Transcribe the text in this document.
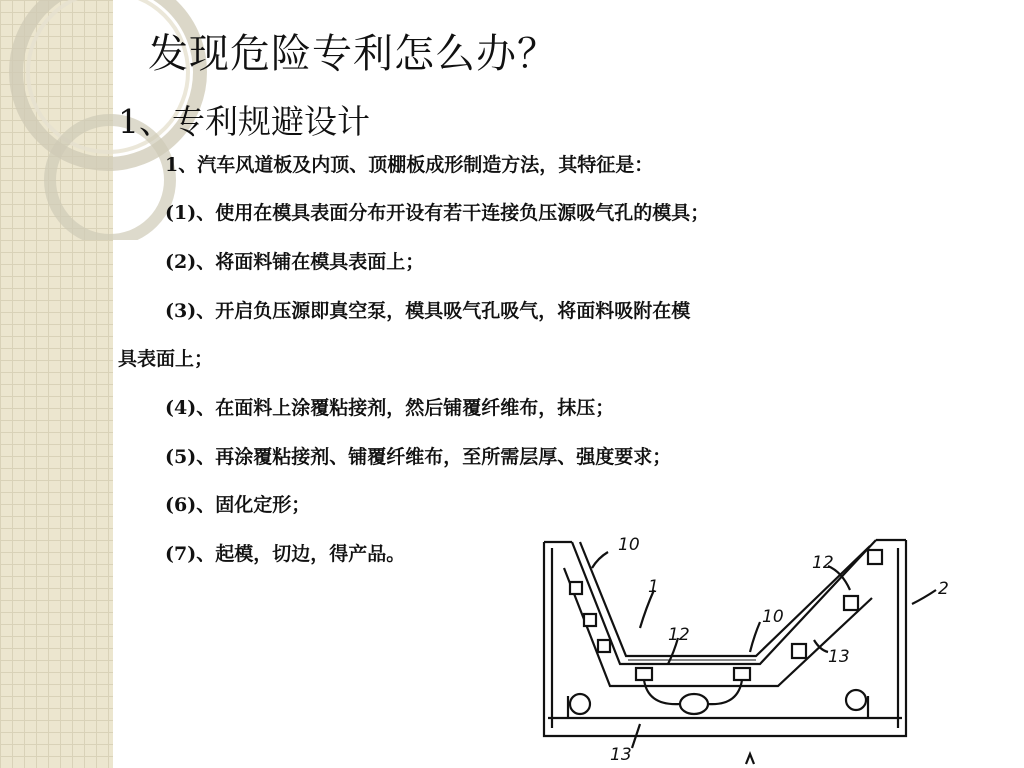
发现危险专利怎么办？
1、专利规避设计
1、汽车风道板及内顶、顶棚板成形制造方法，其特征是：
(1)、使用在模具表面分布开设有若干连接负压源吸气孔的模具；
(2)、将面料铺在模具表面上；
(3)、开启负压源即真空泵，模具吸气孔吸气，将面料吸附在模
具表面上；
(4)、在面料上涂覆粘接剂，然后铺覆纤维布，抹压；
(5)、再涂覆粘接剂、铺覆纤维布，至所需层厚、强度要求；
(6)、固化定形；
(7)、起模，切边，得产品。	10
1
12
10
12
13
2
13
